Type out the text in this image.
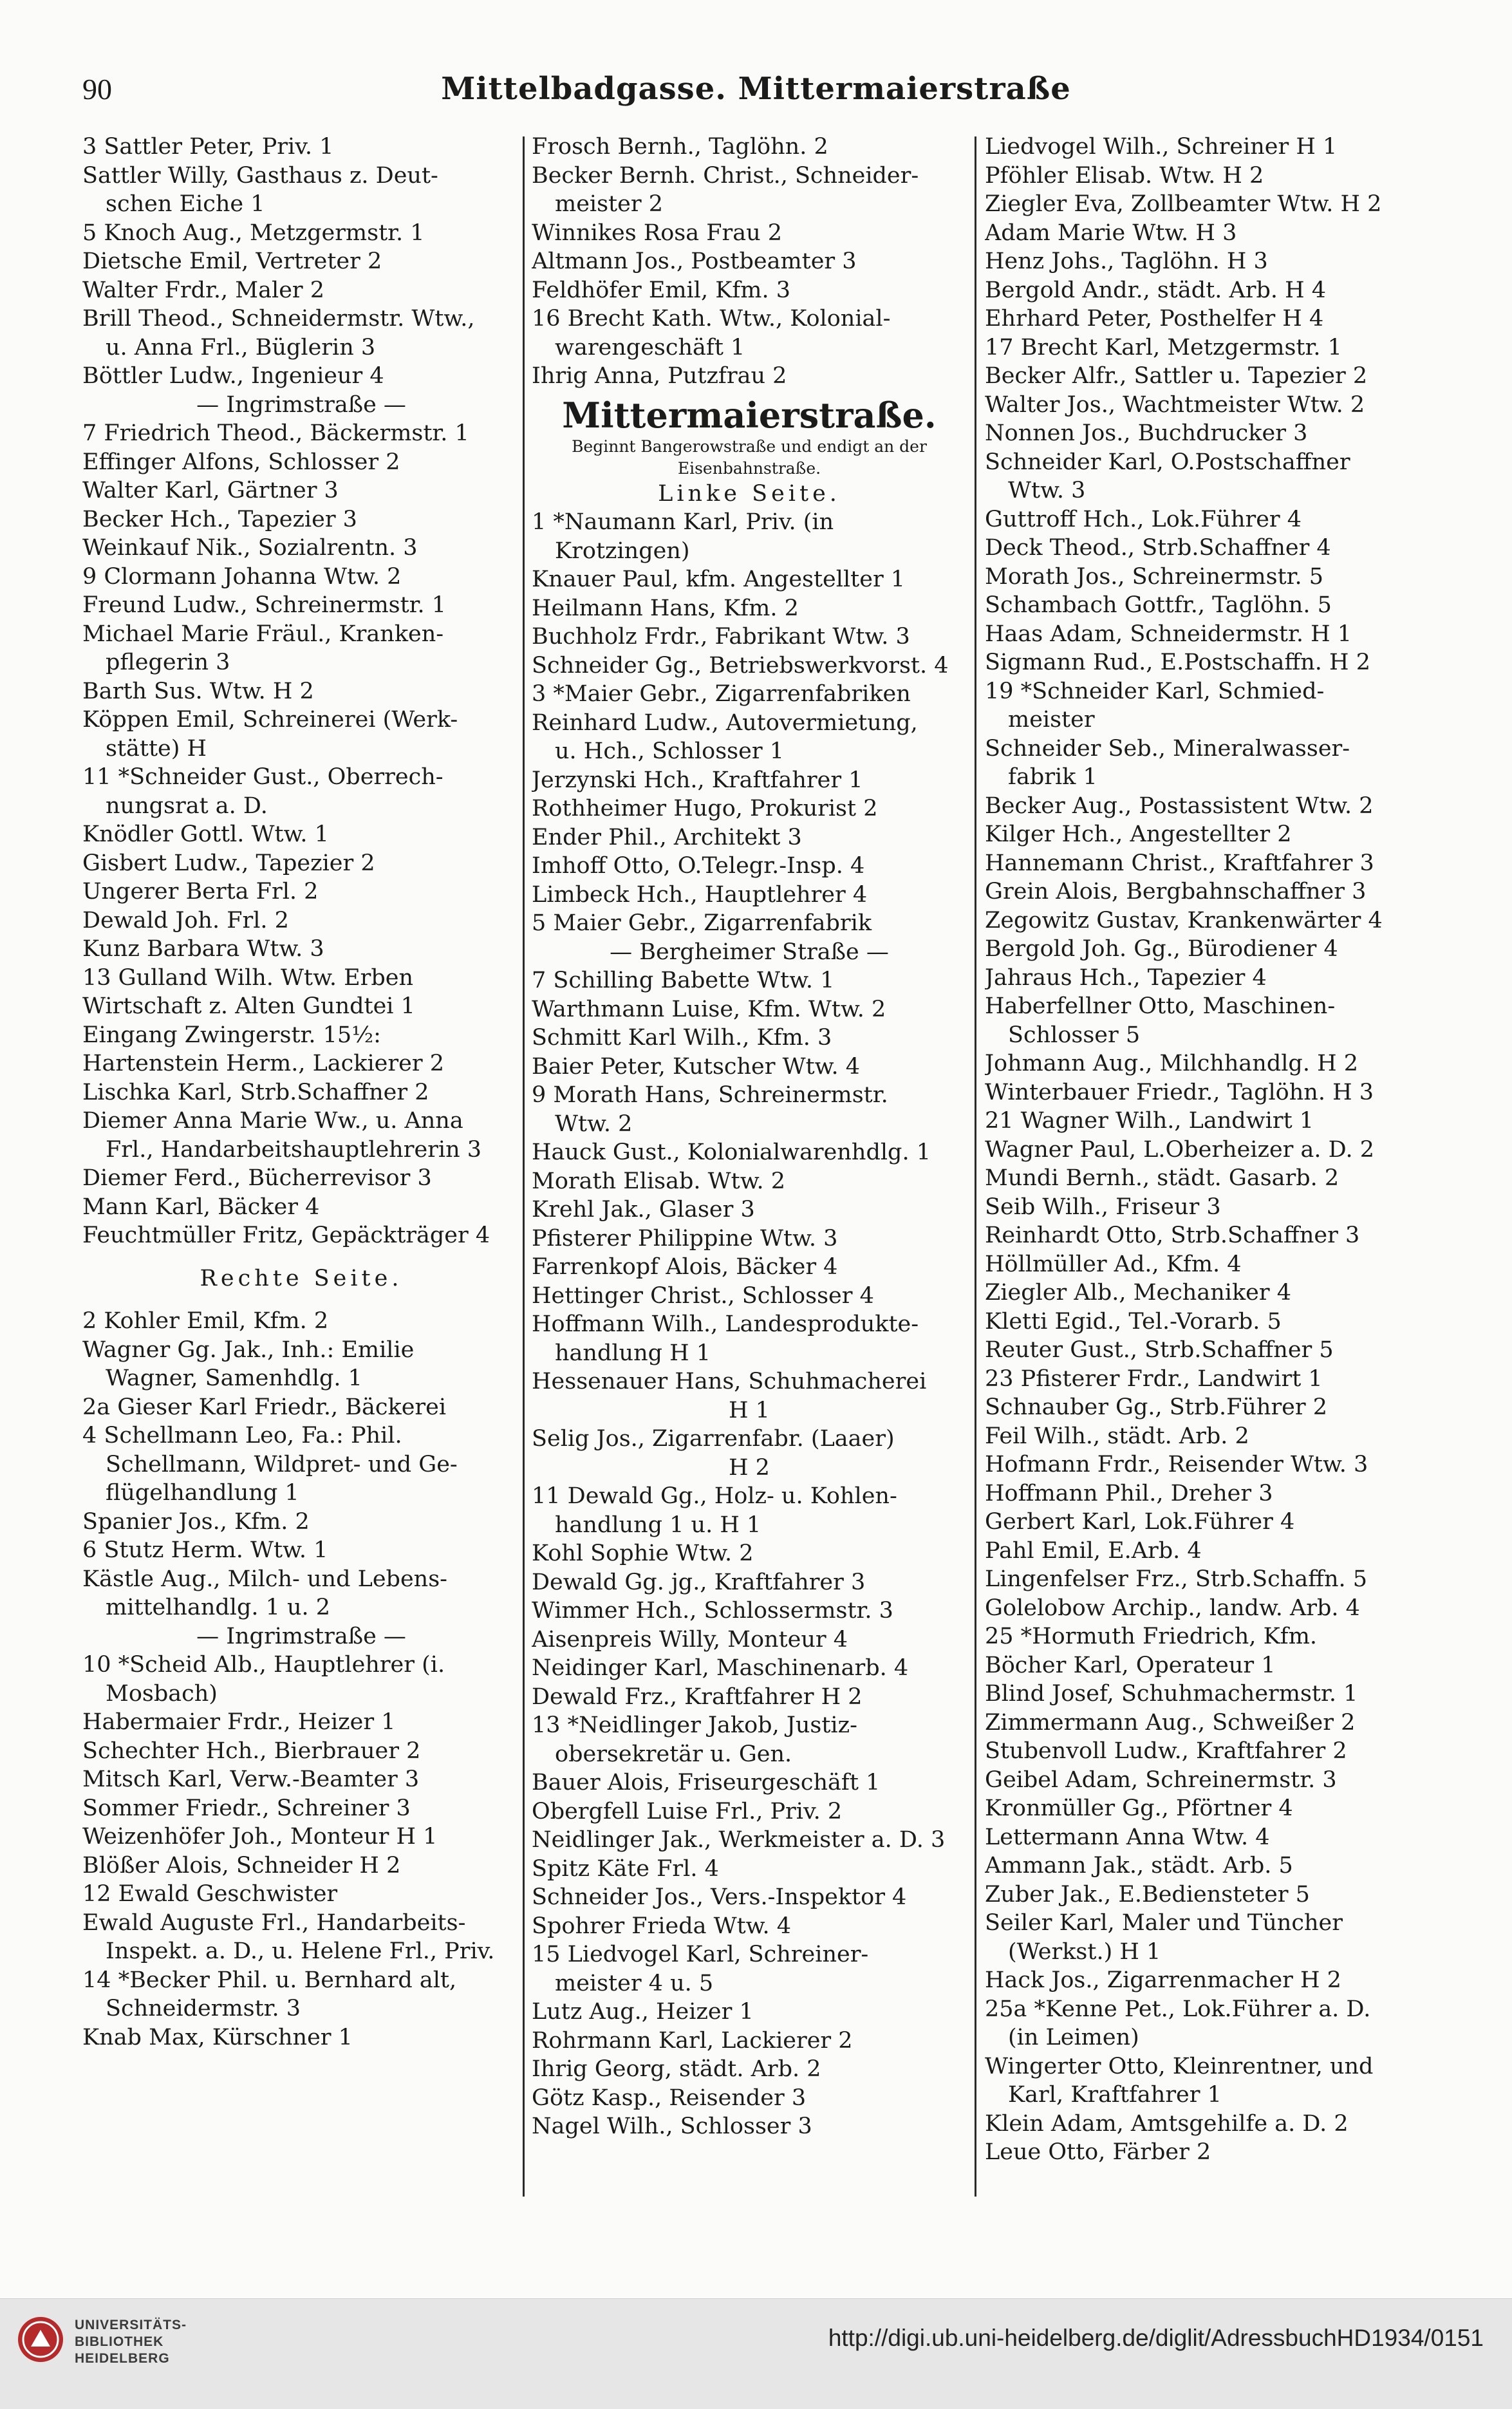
90	Mittelbadgasse. Mittermaierstraße
3 Sattler Peter, Priv. 1
Sattler Willy, Gasthaus z. Deut-
schen Eiche 1
5 Knoch Aug., Metzgermstr. 1
Dietsche Emil, Vertreter 2
Walter Frdr., Maler 2
Brill Theod., Schneidermstr. Wtw.,
u. Anna Frl., Büglerin 3
Böttler Ludw., Ingenieur 4
— Ingrimstraße —
7 Friedrich Theod., Bäckermstr. 1
Effinger Alfons, Schlosser 2
Walter Karl, Gärtner 3
Becker Hch., Tapezier 3
Weinkauf Nik., Sozialrentn. 3
9 Clormann Johanna Wtw. 2
Freund Ludw., Schreinermstr. 1
Michael Marie Fräul., Kranken-
pflegerin 3
Barth Sus. Wtw. H 2
Köppen Emil, Schreinerei (Werk-
stätte) H
11 *Schneider Gust., Oberrech-
nungsrat a. D.
Knödler Gottl. Wtw. 1
Gisbert Ludw., Tapezier 2
Ungerer Berta Frl. 2
Dewald Joh. Frl. 2
Kunz Barbara Wtw. 3
13 Gulland Wilh. Wtw. Erben
Wirtschaft z. Alten Gundtei 1
Eingang Zwingerstr. 15½:
Hartenstein Herm., Lackierer 2
Lischka Karl, Strb.Schaffner 2
Diemer Anna Marie Ww., u. Anna
Frl., Handarbeitshauptlehrerin 3
Diemer Ferd., Bücherrevisor 3
Mann Karl, Bäcker 4
Feuchtmüller Fritz, Gepäckträger 4
Rechte Seite.
2 Kohler Emil, Kfm. 2
Wagner Gg. Jak., Inh.: Emilie
Wagner, Samenhdlg. 1
2a Gieser Karl Friedr., Bäckerei
4 Schellmann Leo, Fa.: Phil.
Schellmann, Wildpret- und Ge-
flügelhandlung 1
Spanier Jos., Kfm. 2
6 Stutz Herm. Wtw. 1
Kästle Aug., Milch- und Lebens-
mittelhandlg. 1 u. 2
— Ingrimstraße —
10 *Scheid Alb., Hauptlehrer (i.
Mosbach)
Habermaier Frdr., Heizer 1
Schechter Hch., Bierbrauer 2
Mitsch Karl, Verw.-Beamter 3
Sommer Friedr., Schreiner 3
Weizenhöfer Joh., Monteur H 1
Blößer Alois, Schneider H 2
12 Ewald Geschwister
Ewald Auguste Frl., Handarbeits-
Inspekt. a. D., u. Helene Frl., Priv.
14 *Becker Phil. u. Bernhard alt,
Schneidermstr. 3
Knab Max, Kürschner 1
Frosch Bernh., Taglöhn. 2
Becker Bernh. Christ., Schneider-
meister 2
Winnikes Rosa Frau 2
Altmann Jos., Postbeamter 3
Feldhöfer Emil, Kfm. 3
16 Brecht Kath. Wtw., Kolonial-
warengeschäft 1
Ihrig Anna, Putzfrau 2
Mittermaierstraße.
Beginnt Bangerowstraße und endigt an der
Eisenbahnstraße.
Linke Seite.
1 *Naumann Karl, Priv. (in
Krotzingen)
Knauer Paul, kfm. Angestellter 1
Heilmann Hans, Kfm. 2
Buchholz Frdr., Fabrikant Wtw. 3
Schneider Gg., Betriebswerkvorst. 4
3 *Maier Gebr., Zigarrenfabriken
Reinhard Ludw., Autovermietung,
u. Hch., Schlosser 1
Jerzynski Hch., Kraftfahrer 1
Rothheimer Hugo, Prokurist 2
Ender Phil., Architekt 3
Imhoff Otto, O.Telegr.-Insp. 4
Limbeck Hch., Hauptlehrer 4
5 Maier Gebr., Zigarrenfabrik
— Bergheimer Straße —
7 Schilling Babette Wtw. 1
Warthmann Luise, Kfm. Wtw. 2
Schmitt Karl Wilh., Kfm. 3
Baier Peter, Kutscher Wtw. 4
9 Morath Hans, Schreinermstr.
Wtw. 2
Hauck Gust., Kolonialwarenhdlg. 1
Morath Elisab. Wtw. 2
Krehl Jak., Glaser 3
Pfisterer Philippine Wtw. 3
Farrenkopf Alois, Bäcker 4
Hettinger Christ., Schlosser 4
Hoffmann Wilh., Landesprodukte-
handlung H 1
Hessenauer Hans, Schuhmacherei
H 1
Selig Jos., Zigarrenfabr. (Laaer)
H 2
11 Dewald Gg., Holz- u. Kohlen-
handlung 1 u. H 1
Kohl Sophie Wtw. 2
Dewald Gg. jg., Kraftfahrer 3
Wimmer Hch., Schlossermstr. 3
Aisenpreis Willy, Monteur 4
Neidinger Karl, Maschinenarb. 4
Dewald Frz., Kraftfahrer H 2
13 *Neidlinger Jakob, Justiz-
obersekretär u. Gen.
Bauer Alois, Friseurgeschäft 1
Obergfell Luise Frl., Priv. 2
Neidlinger Jak., Werkmeister a. D. 3
Spitz Käte Frl. 4
Schneider Jos., Vers.-Inspektor 4
Spohrer Frieda Wtw. 4
15 Liedvogel Karl, Schreiner-
meister 4 u. 5
Lutz Aug., Heizer 1
Rohrmann Karl, Lackierer 2
Ihrig Georg, städt. Arb. 2
Götz Kasp., Reisender 3
Nagel Wilh., Schlosser 3
Liedvogel Wilh., Schreiner H 1
Pföhler Elisab. Wtw. H 2
Ziegler Eva, Zollbeamter Wtw. H 2
Adam Marie Wtw. H 3
Henz Johs., Taglöhn. H 3
Bergold Andr., städt. Arb. H 4
Ehrhard Peter, Posthelfer H 4
17 Brecht Karl, Metzgermstr. 1
Becker Alfr., Sattler u. Tapezier 2
Walter Jos., Wachtmeister Wtw. 2
Nonnen Jos., Buchdrucker 3
Schneider Karl, O.Postschaffner
Wtw. 3
Guttroff Hch., Lok.Führer 4
Deck Theod., Strb.Schaffner 4
Morath Jos., Schreinermstr. 5
Schambach Gottfr., Taglöhn. 5
Haas Adam, Schneidermstr. H 1
Sigmann Rud., E.Postschaffn. H 2
19 *Schneider Karl, Schmied-
meister
Schneider Seb., Mineralwasser-
fabrik 1
Becker Aug., Postassistent Wtw. 2
Kilger Hch., Angestellter 2
Hannemann Christ., Kraftfahrer 3
Grein Alois, Bergbahnschaffner 3
Zegowitz Gustav, Krankenwärter 4
Bergold Joh. Gg., Bürodiener 4
Jahraus Hch., Tapezier 4
Haberfellner Otto, Maschinen-
Schlosser 5
Johmann Aug., Milchhandlg. H 2
Winterbauer Friedr., Taglöhn. H 3
21 Wagner Wilh., Landwirt 1
Wagner Paul, L.Oberheizer a. D. 2
Mundi Bernh., städt. Gasarb. 2
Seib Wilh., Friseur 3
Reinhardt Otto, Strb.Schaffner 3
Höllmüller Ad., Kfm. 4
Ziegler Alb., Mechaniker 4
Kletti Egid., Tel.-Vorarb. 5
Reuter Gust., Strb.Schaffner 5
23 Pfisterer Frdr., Landwirt 1
Schnauber Gg., Strb.Führer 2
Feil Wilh., städt. Arb. 2
Hofmann Frdr., Reisender Wtw. 3
Hoffmann Phil., Dreher 3
Gerbert Karl, Lok.Führer 4
Pahl Emil, E.Arb. 4
Lingenfelser Frz., Strb.Schaffn. 5
Golelobow Archip., landw. Arb. 4
25 *Hormuth Friedrich, Kfm.
Böcher Karl, Operateur 1
Blind Josef, Schuhmachermstr. 1
Zimmermann Aug., Schweißer 2
Stubenvoll Ludw., Kraftfahrer 2
Geibel Adam, Schreinermstr. 3
Kronmüller Gg., Pförtner 4
Lettermann Anna Wtw. 4
Ammann Jak., städt. Arb. 5
Zuber Jak., E.Bediensteter 5
Seiler Karl, Maler und Tüncher
(Werkst.) H 1
Hack Jos., Zigarrenmacher H 2
25a *Kenne Pet., Lok.Führer a. D.
(in Leimen)
Wingerter Otto, Kleinrentner, und
Karl, Kraftfahrer 1
Klein Adam, Amtsgehilfe a. D. 2
Leue Otto, Färber 2
UNIVERSITÄTS-
BIBLIOTHEK
HEIDELBERG
http://digi.ub.uni-heidelberg.de/diglit/AdressbuchHD1934/0151
